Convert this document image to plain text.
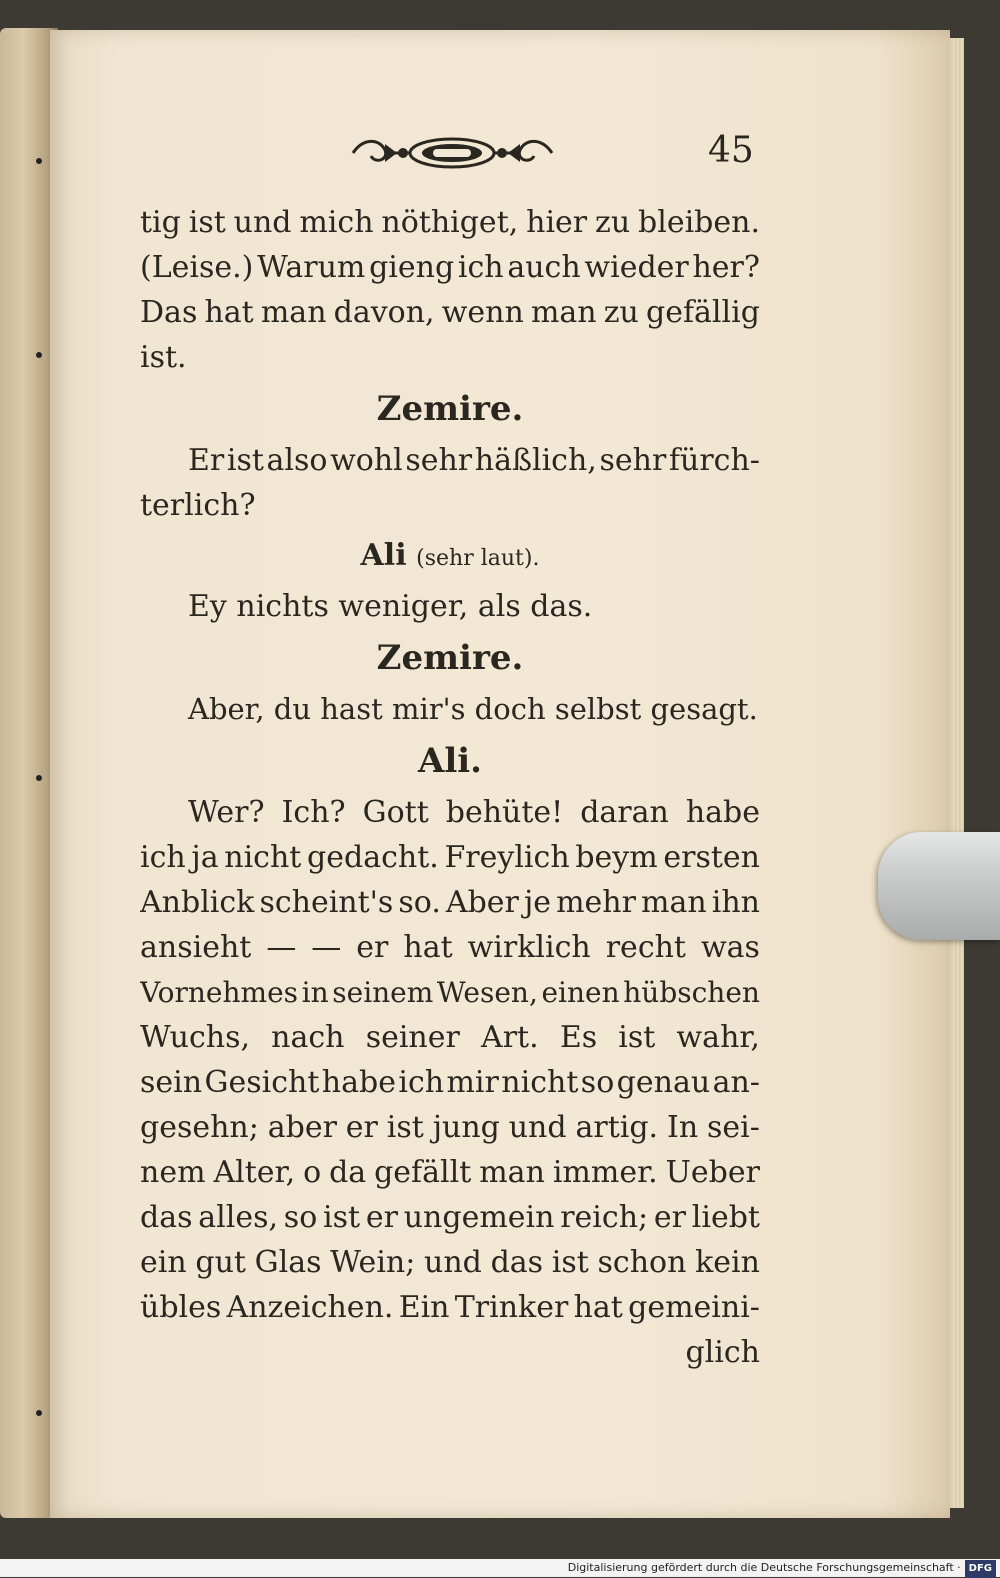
45
tig ist und mich nöthiget, hier zu bleiben.
(Leise.) Warum gieng ich auch wieder her?
Das hat man davon, wenn man zu gefällig
ist.
Zemire.
Er ist also wohl sehr häßlich, sehr fürch-
terlich?
Ali (sehr laut).
Ey nichts weniger, als das.
Zemire.
Aber, du hast mir's doch selbst gesagt.
Ali.
Wer? Ich? Gott behüte! daran habe
ich ja nicht gedacht. Freylich beym ersten
Anblick scheint's so. Aber je mehr man ihn
ansieht — — er hat wirklich recht was
Vornehmes in seinem Wesen, einen hübschen
Wuchs, nach seiner Art. Es ist wahr,
sein Gesicht habe ich mir nicht so genau an-
gesehn; aber er ist jung und artig. In sei-
nem Alter, o da gefällt man immer. Ueber
das alles, so ist er ungemein reich; er liebt
ein gut Glas Wein; und das ist schon kein
übles Anzeichen. Ein Trinker hat gemeini-
glich
Digitalisierung gefördert durch die Deutsche Forschungsgemeinschaft · DFG
